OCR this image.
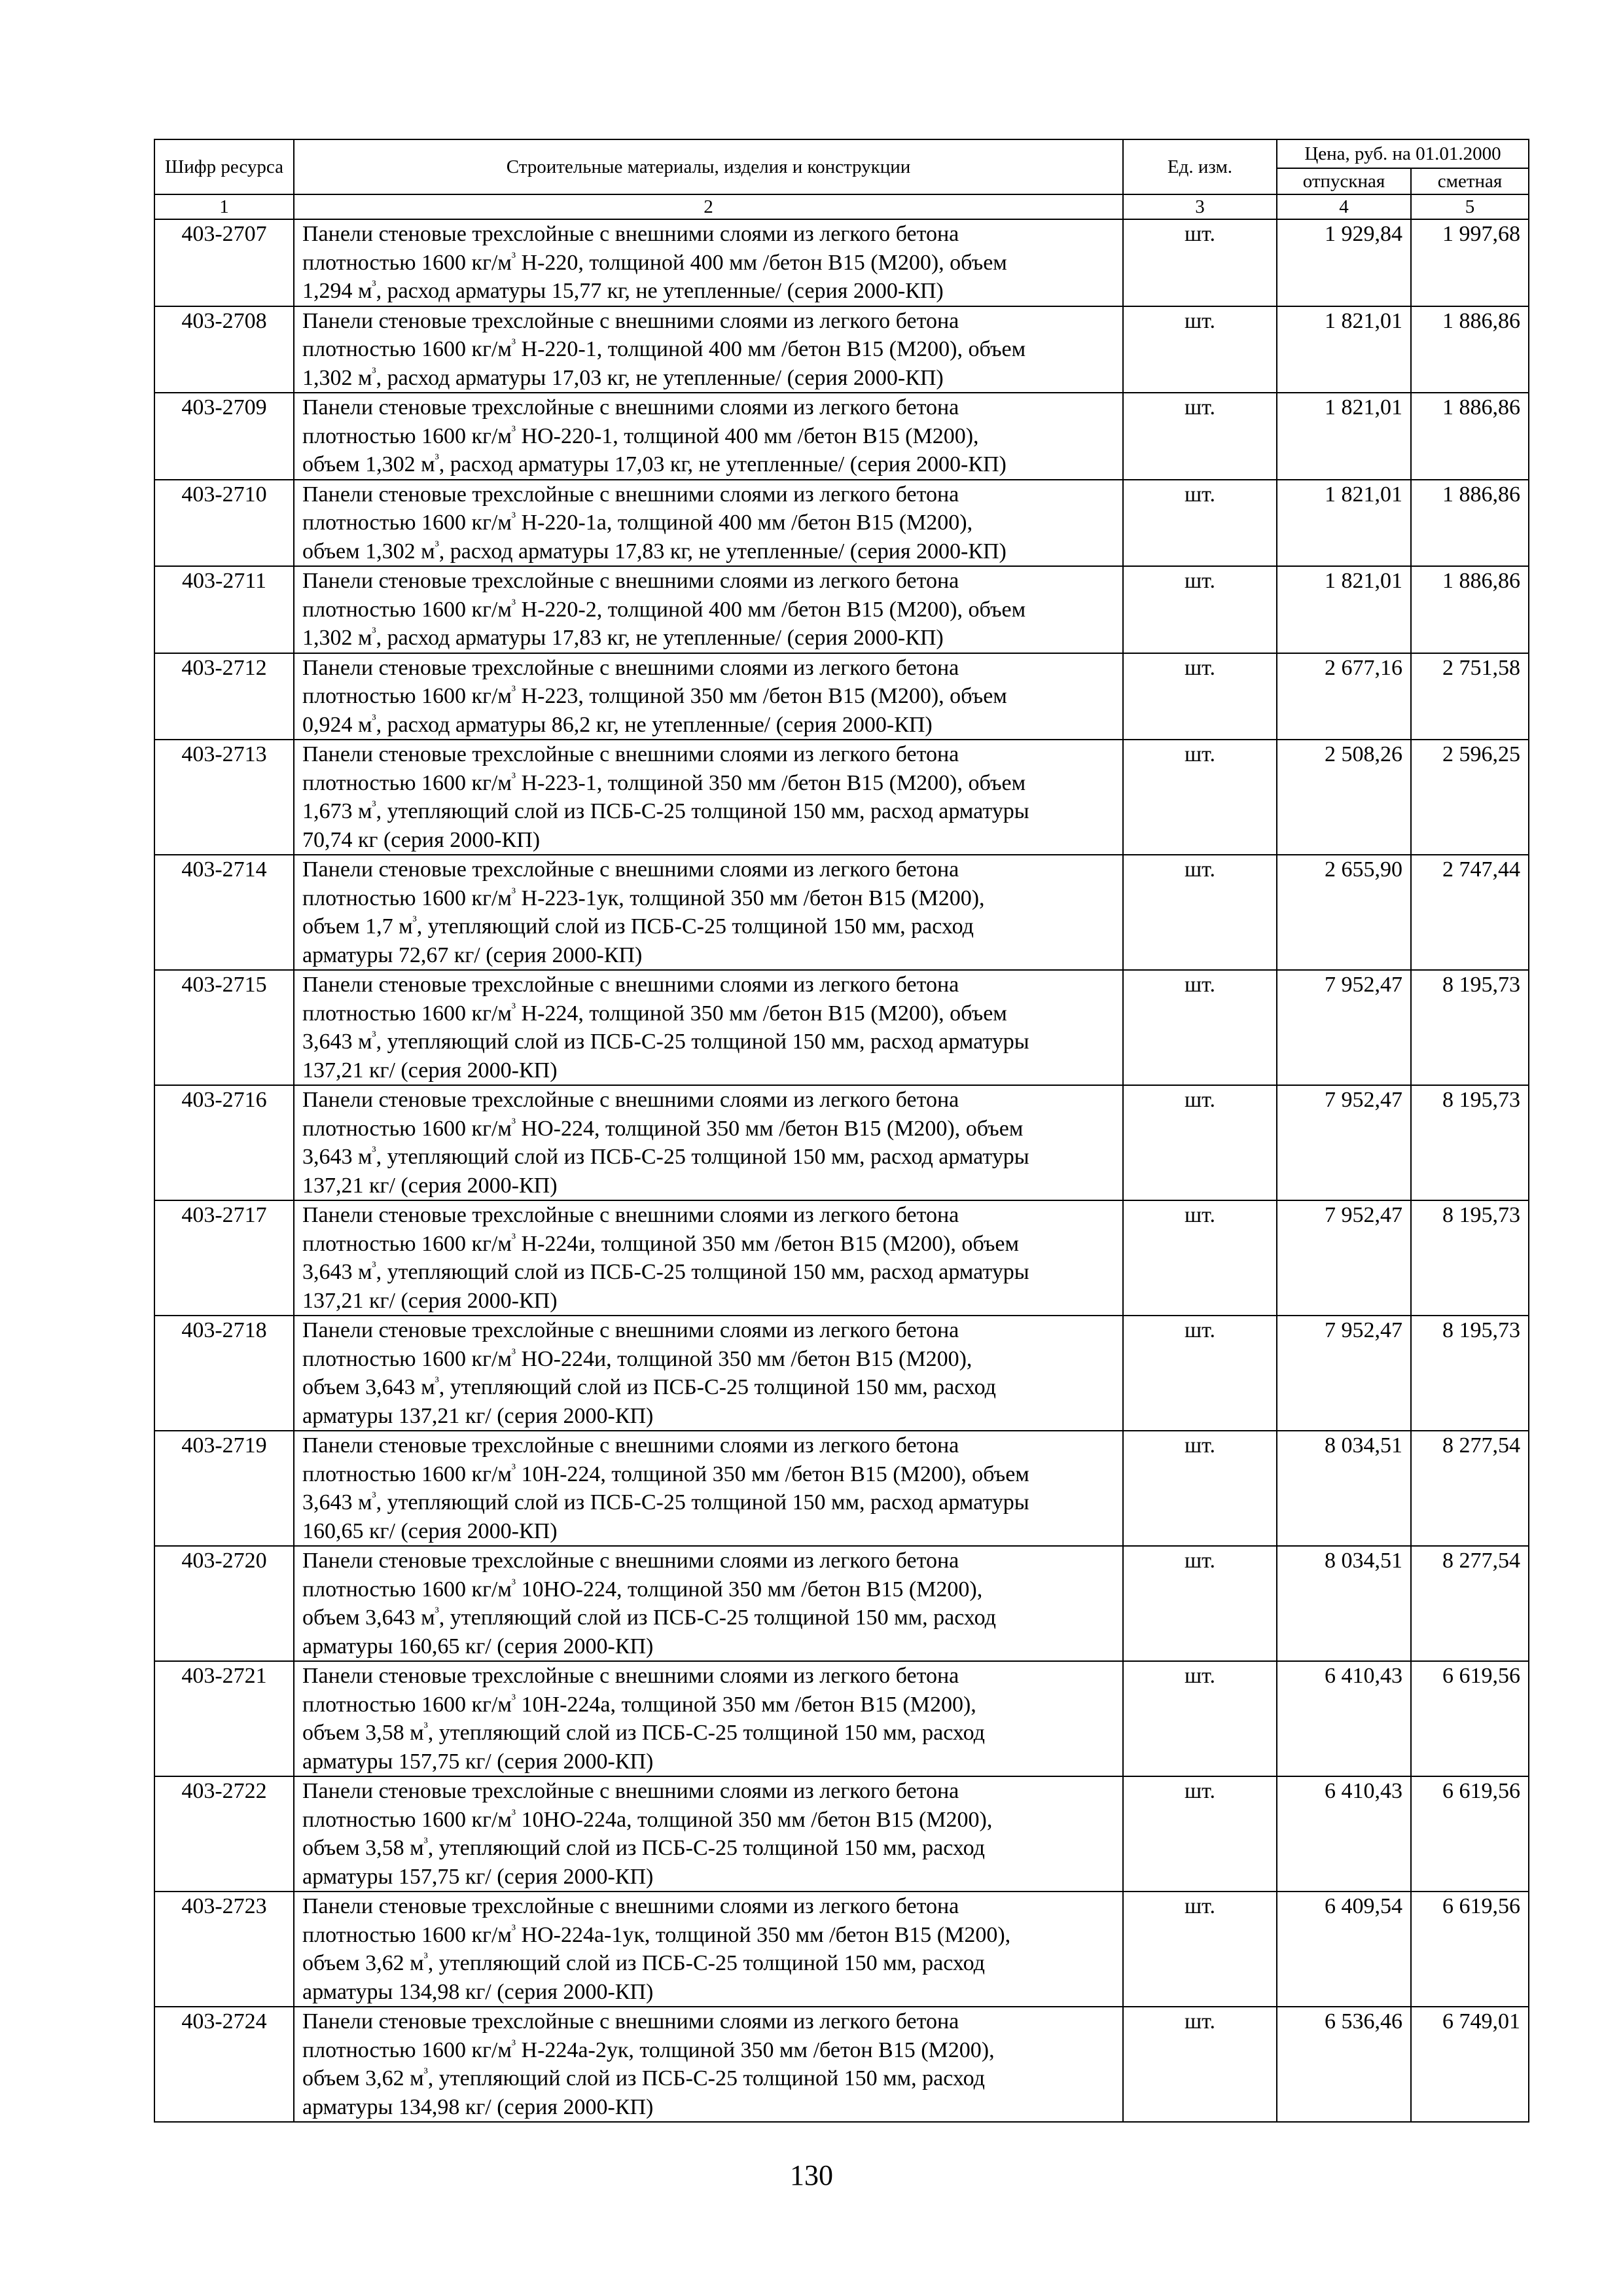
Шифр ресурса	Строительные материалы, изделия и конструкции	Ед. изм.	Цена, руб. на 01.01.2000	
			отпускная	сметная
1	2	3	4	5
403-2707	Панели стеновые трехслойные с внешними слоями из легкого бетона
плотностью 1600 $кг/м^{^3}$ Н-220, толщиной 400 мм /бетон В15 (М200), объем
1,294 $м^{^3}$, расход арматуры 15,77 кг, не утепленные/ (серия 2000-КП)	шт.	1 929,84	1 997,68
403-2708	Панели стеновые трехслойные с внешними слоями из легкого бетона
плотностью 1600 $кг/м^{^3}$ Н-220-1, толщиной 400 мм /бетон В15 (М200), объем
1,302 $м^{^3}$, расход арматуры 17,03 кг, не утепленные/ (серия 2000-КП)	шт.	1 821,01	1 886,86
403-2709	Панели стеновые трехслойные с внешними слоями из легкого бетона
плотностью 1600 $кг/м^{^3}$ НО-220-1, толщиной 400 мм /бетон В15 (М200),
объем 1,302 $м^{^3}$, расход арматуры 17,03 кг, не утепленные/ (серия 2000-КП)	шт.	1 821,01	1 886,86
403-2710	Панели стеновые трехслойные с внешними слоями из легкого бетона
плотностью 1600 $кг/м^{^3}$ Н-220-1а, толщиной 400 мм /бетон В15 (М200),
объем 1,302 $м^{^3}$, расход арматуры 17,83 кг, не утепленные/ (серия 2000-КП)	шт.	1 821,01	1 886,86
403-2711	Панели стеновые трехслойные с внешними слоями из легкого бетона
плотностью 1600 $кг/м^{^3}$ Н-220-2, толщиной 400 мм /бетон В15 (М200), объем
1,302 $м^{^3}$, расход арматуры 17,83 кг, не утепленные/ (серия 2000-КП)	шт.	1 821,01	1 886,86
403-2712	Панели стеновые трехслойные с внешними слоями из легкого бетона
плотностью 1600 $кг/м^{^3}$ Н-223, толщиной 350 мм /бетон В15 (М200), объем
0,924 $м^{^3}$, расход арматуры 86,2 кг, не утепленные/ (серия 2000-КП)	шт.	2 677,16	2 751,58
403-2713	Панели стеновые трехслойные с внешними слоями из легкого бетона
плотностью 1600 $кг/м^{^3}$ Н-223-1, толщиной 350 мм /бетон В15 (М200), объем
1,673 $м^{^3}$, утепляющий слой из ПСБ-С-25 толщиной 150 мм, расход арматуры
70,74 кг (серия 2000-КП)	шт.	2 508,26	2 596,25
403-2714	Панели стеновые трехслойные с внешними слоями из легкого бетона
плотностью 1600 $кг/м^{^3}$ Н-223-1ук, толщиной 350 мм /бетон В15 (М200),
объем 1,7 $м^{^3}$, утепляющий слой из ПСБ-С-25 толщиной 150 мм, расход
арматуры 72,67 кг/ (серия 2000-КП)	шт.	2 655,90	2 747,44
403-2715	Панели стеновые трехслойные с внешними слоями из легкого бетона
плотностью 1600 $кг/м^{^3}$ Н-224, толщиной 350 мм /бетон В15 (М200), объем
3,643 $м^{^3}$, утепляющий слой из ПСБ-С-25 толщиной 150 мм, расход арматуры
137,21 кг/ (серия 2000-КП)	шт.	7 952,47	8 195,73
403-2716	Панели стеновые трехслойные с внешними слоями из легкого бетона
плотностью 1600 $кг/м^{^3}$ НО-224, толщиной 350 мм /бетон В15 (М200), объем
3,643 $м^{^3}$, утепляющий слой из ПСБ-С-25 толщиной 150 мм, расход арматуры
137,21 кг/ (серия 2000-КП)	шт.	7 952,47	8 195,73
403-2717	Панели стеновые трехслойные с внешними слоями из легкого бетона
плотностью 1600 $кг/м^{^3}$ Н-224и, толщиной 350 мм /бетон В15 (М200), объем
3,643 $м^{^3}$, утепляющий слой из ПСБ-С-25 толщиной 150 мм, расход арматуры
137,21 кг/ (серия 2000-КП)	шт.	7 952,47	8 195,73
403-2718	Панели стеновые трехслойные с внешними слоями из легкого бетона
плотностью 1600 $кг/м^{^3}$ НО-224и, толщиной 350 мм /бетон В15 (М200),
объем 3,643 $м^{^3}$, утепляющий слой из ПСБ-С-25 толщиной 150 мм, расход
арматуры 137,21 кг/ (серия 2000-КП)	шт.	7 952,47	8 195,73
403-2719	Панели стеновые трехслойные с внешними слоями из легкого бетона
плотностью 1600 $кг/м^{^3}$ 10Н-224, толщиной 350 мм /бетон В15 (М200), объем
3,643 $м^{^3}$, утепляющий слой из ПСБ-С-25 толщиной 150 мм, расход арматуры
160,65 кг/ (серия 2000-КП)	шт.	8 034,51	8 277,54
403-2720	Панели стеновые трехслойные с внешними слоями из легкого бетона
плотностью 1600 $кг/м^{^3}$ 10НО-224, толщиной 350 мм /бетон В15 (М200),
объем 3,643 $м^{^3}$, утепляющий слой из ПСБ-С-25 толщиной 150 мм, расход
арматуры 160,65 кг/ (серия 2000-КП)	шт.	8 034,51	8 277,54
403-2721	Панели стеновые трехслойные с внешними слоями из легкого бетона
плотностью 1600 $кг/м^{^3}$ 10Н-224а, толщиной 350 мм /бетон В15 (М200),
объем 3,58 $м^{^3}$, утепляющий слой из ПСБ-С-25 толщиной 150 мм, расход
арматуры 157,75 кг/ (серия 2000-КП)	шт.	6 410,43	6 619,56
403-2722	Панели стеновые трехслойные с внешними слоями из легкого бетона
плотностью 1600 $кг/м^{^3}$ 10НО-224а, толщиной 350 мм /бетон В15 (М200),
объем 3,58 $м^{^3}$, утепляющий слой из ПСБ-С-25 толщиной 150 мм, расход
арматуры 157,75 кг/ (серия 2000-КП)	шт.	6 410,43	6 619,56
403-2723	Панели стеновые трехслойные с внешними слоями из легкого бетона
плотностью 1600 $кг/м^{^3}$ НО-224а-1ук, толщиной 350 мм /бетон В15 (М200),
объем 3,62 $м^{^3}$, утепляющий слой из ПСБ-С-25 толщиной 150 мм, расход
арматуры 134,98 кг/ (серия 2000-КП)	шт.	6 409,54	6 619,56
403-2724	Панели стеновые трехслойные с внешними слоями из легкого бетона
плотностью 1600 $кг/м^{^3}$ Н-224а-2ук, толщиной 350 мм /бетон В15 (М200),
объем 3,62 $м^{^3}$, утепляющий слой из ПСБ-С-25 толщиной 150 мм, расход
арматуры 134,98 кг/ (серия 2000-КП)	шт.	6 536,46	6 749,01
130
